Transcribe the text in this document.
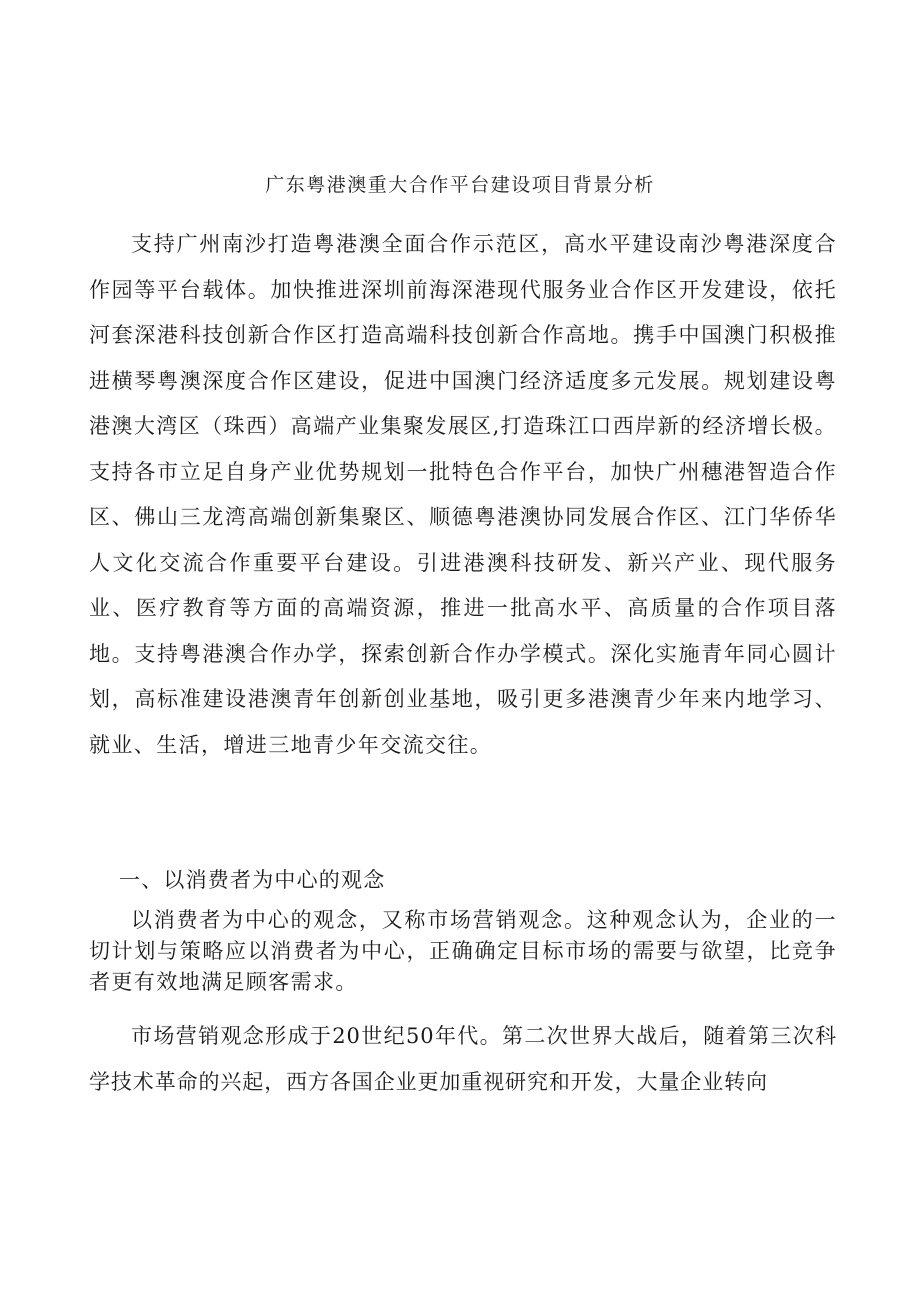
广东粤港澳重大合作平台建设项目背景分析

支持广州南沙打造粤港澳全面合作示范区，高水平建设南沙粤港深度合作园等平台载体。加快推进深圳前海深港现代服务业合作区开发建设，依托河套深港科技创新合作区打造高端科技创新合作高地。携手中国澳门积极推进横琴粤澳深度合作区建设，促进中国澳门经济适度多元发展。规划建设粤港澳大湾区（珠西）高端产业集聚发展区,打造珠江口西岸新的经济增长极。支持各市立足自身产业优势规划一批特色合作平台，加快广州穗港智造合作区、佛山三龙湾高端创新集聚区、顺德粤港澳协同发展合作区、江门华侨华人文化交流合作重要平台建设。引进港澳科技研发、新兴产业、现代服务业、医疗教育等方面的高端资源，推进一批高水平、高质量的合作项目落地。支持粤港澳合作办学，探索创新合作办学模式。深化实施青年同心圆计划，高标准建设港澳青年创新创业基地，吸引更多港澳青少年来内地学习、就业、生活，增进三地青少年交流交往。

一、以消费者为中心的观念

以消费者为中心的观念，又称市场营销观念。这种观念认为，企业的一切计划与策略应以消费者为中心，正确确定目标市场的需要与欲望，比竞争者更有效地满足顾客需求。

市场营销观念形成于20世纪50年代。第二次世界大战后，随着第三次科学技术革命的兴起，西方各国企业更加重视研究和开发，大量企业转向
